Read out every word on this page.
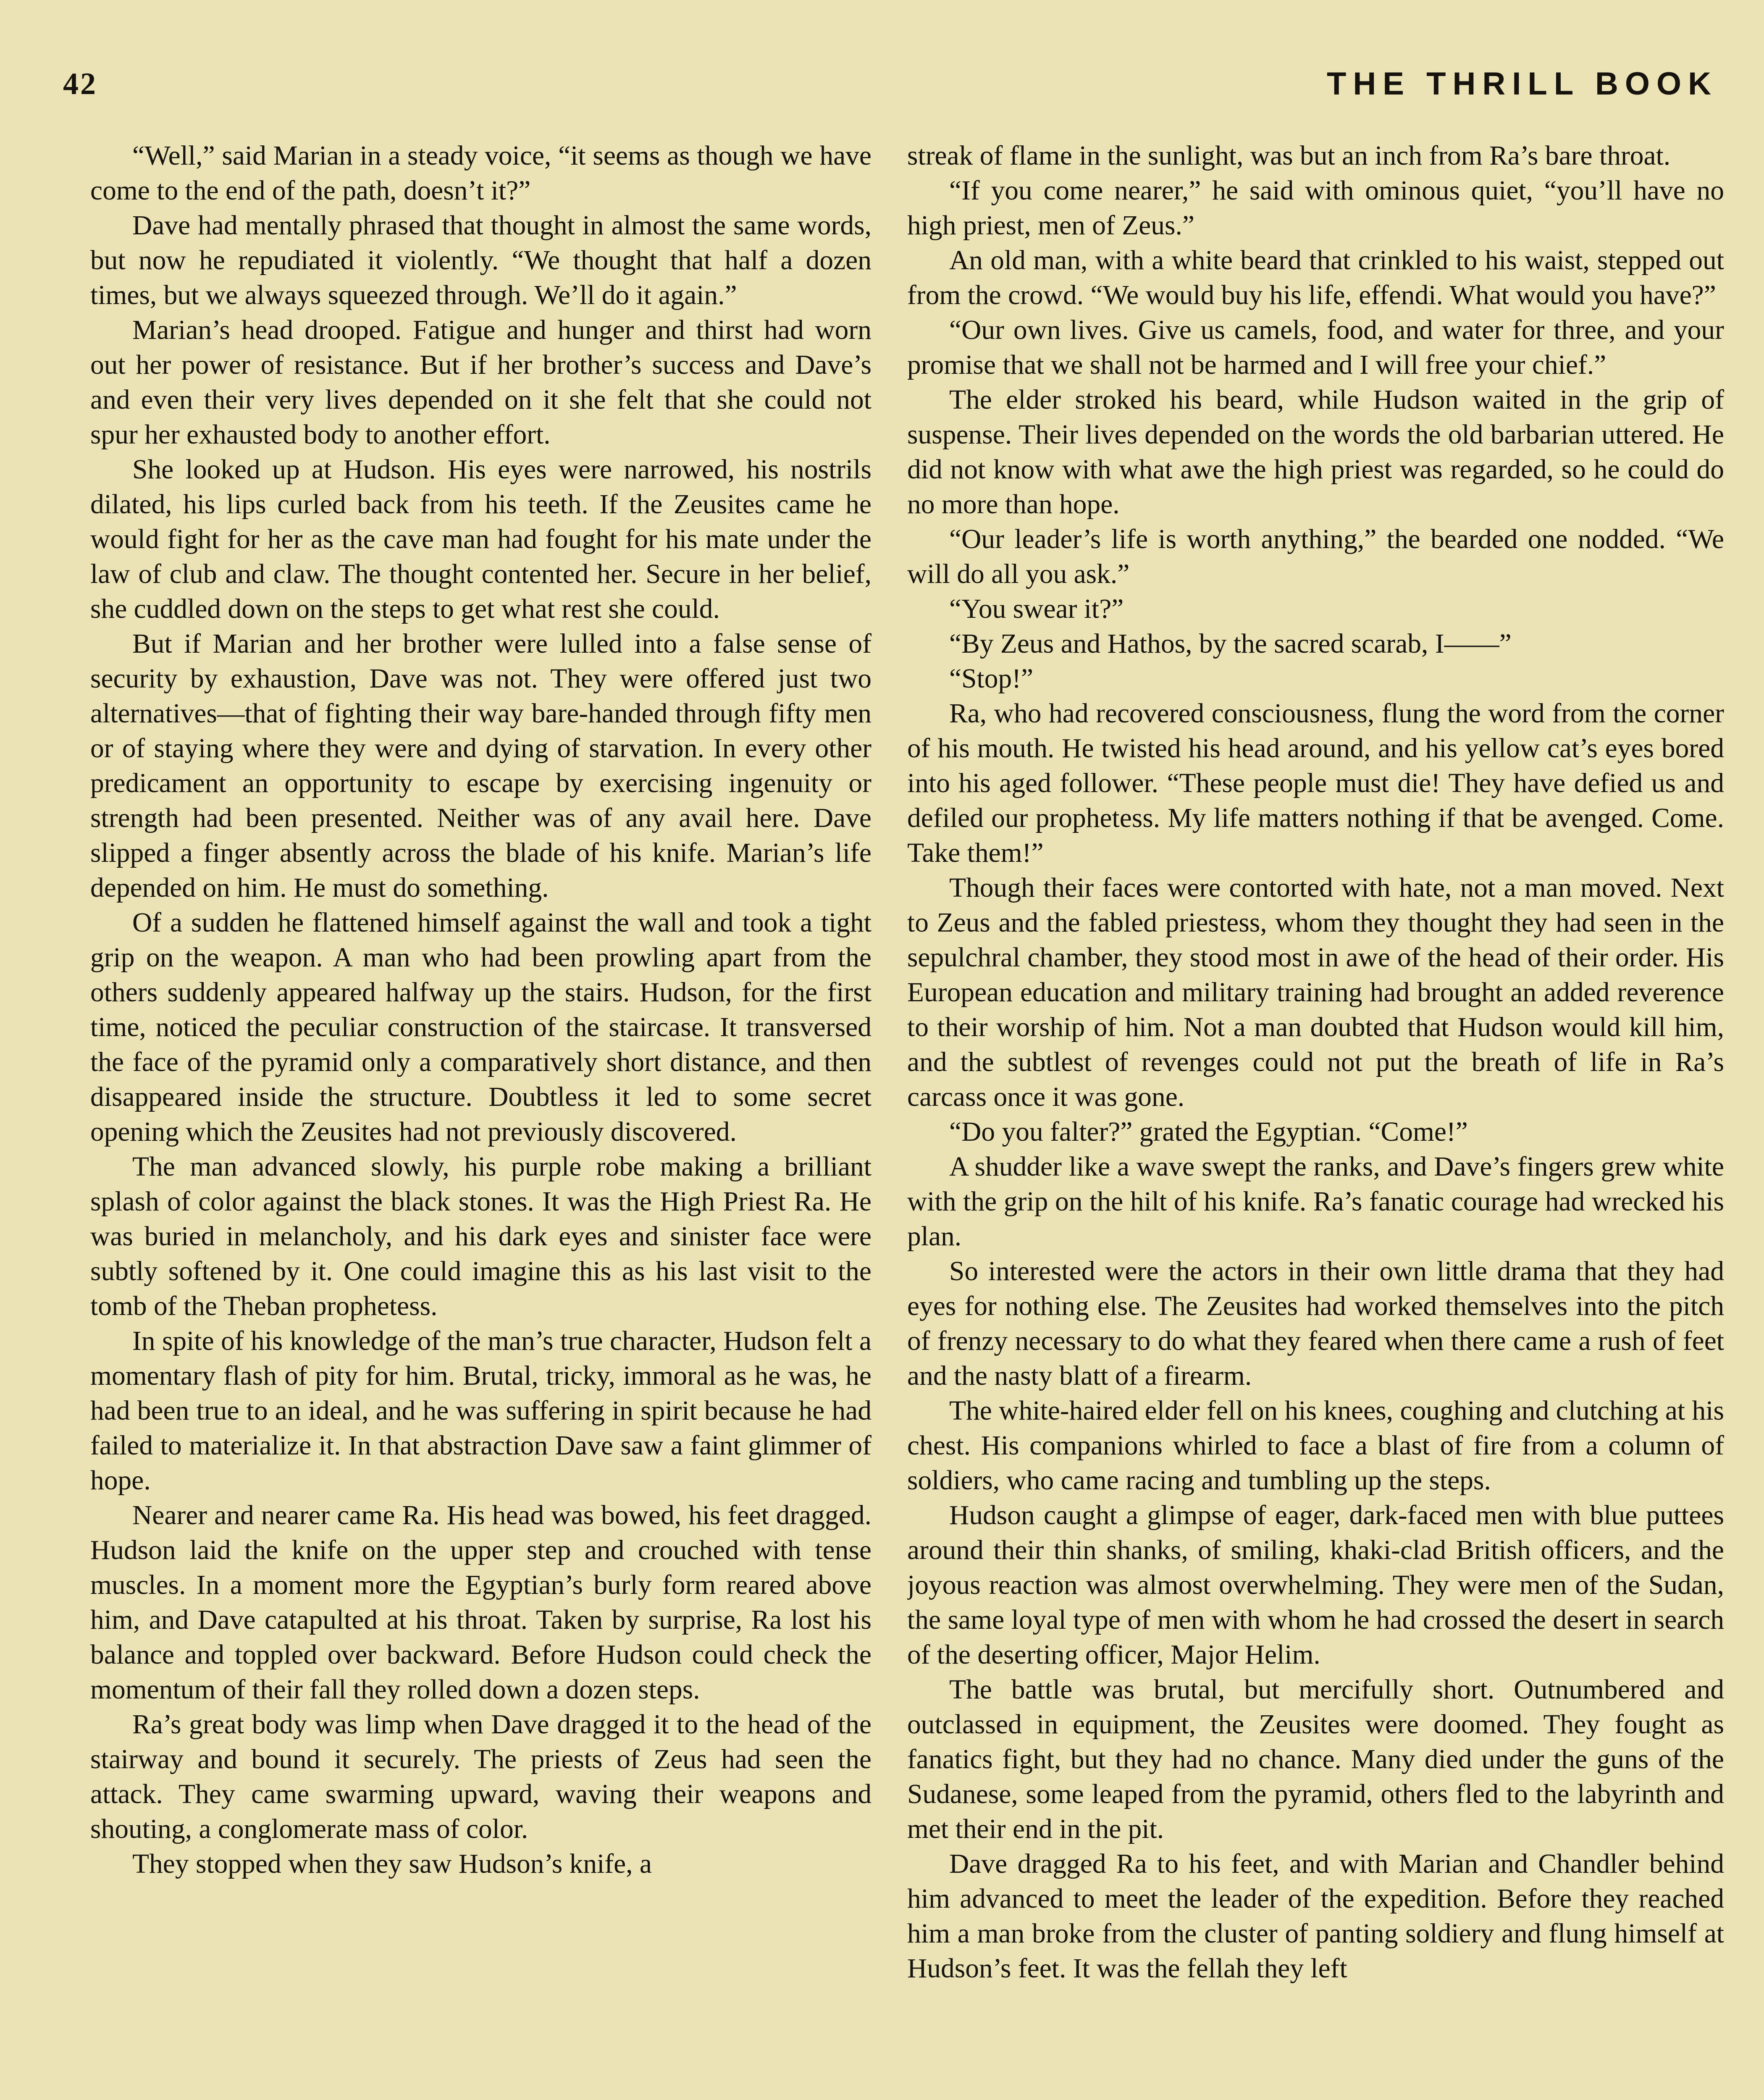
42	THE THRILL BOOK

“Well,” said Marian in a steady voice, “it seems as though we have come to the end of the path, doesn’t it?”

Dave had mentally phrased that thought in almost the same words, but now he repudiated it violently. “We thought that half a dozen times, but we always squeezed through. We’ll do it again.”

Marian’s head drooped. Fatigue and hunger and thirst had worn out her power of resistance. But if her brother’s success and Dave’s and even their very lives depended on it she felt that she could not spur her exhausted body to another effort.

She looked up at Hudson. His eyes were narrowed, his nostrils dilated, his lips curled back from his teeth. If the Zeusites came he would fight for her as the cave man had fought for his mate under the law of club and claw. The thought contented her. Secure in her belief, she cuddled down on the steps to get what rest she could.

But if Marian and her brother were lulled into a false sense of security by exhaustion, Dave was not. They were offered just two alternatives—that of fighting their way bare-handed through fifty men or of staying where they were and dying of starvation. In every other predicament an opportunity to escape by exercising ingenuity or strength had been presented. Neither was of any avail here. Dave slipped a finger absently across the blade of his knife. Marian’s life depended on him. He must do something.

Of a sudden he flattened himself against the wall and took a tight grip on the weapon. A man who had been prowling apart from the others suddenly appeared halfway up the stairs. Hudson, for the first time, noticed the peculiar construction of the staircase. It transversed the face of the pyramid only a comparatively short distance, and then disappeared inside the structure. Doubtless it led to some secret opening which the Zeusites had not previously discovered.

The man advanced slowly, his purple robe making a brilliant splash of color against the black stones. It was the High Priest Ra. He was buried in melancholy, and his dark eyes and sinister face were subtly softened by it. One could imagine this as his last visit to the tomb of the Theban prophetess.

In spite of his knowledge of the man’s true character, Hudson felt a momentary flash of pity for him. Brutal, tricky, immoral as he was, he had been true to an ideal, and he was suffering in spirit because he had failed to materialize it. In that abstraction Dave saw a faint glimmer of hope.

Nearer and nearer came Ra. His head was bowed, his feet dragged. Hudson laid the knife on the upper step and crouched with tense muscles. In a moment more the Egyptian’s burly form reared above him, and Dave catapulted at his throat. Taken by surprise, Ra lost his balance and toppled over backward. Before Hudson could check the momentum of their fall they rolled down a dozen steps.

Ra’s great body was limp when Dave dragged it to the head of the stairway and bound it securely. The priests of Zeus had seen the attack. They came swarming upward, waving their weapons and shouting, a conglomerate mass of color.

They stopped when they saw Hudson’s knife, a

streak of flame in the sunlight, was but an inch from Ra’s bare throat.

“If you come nearer,” he said with ominous quiet, “you’ll have no high priest, men of Zeus.”

An old man, with a white beard that crinkled to his waist, stepped out from the crowd. “We would buy his life, effendi. What would you have?”

“Our own lives. Give us camels, food, and water for three, and your promise that we shall not be harmed and I will free your chief.”

The elder stroked his beard, while Hudson waited in the grip of suspense. Their lives depended on the words the old barbarian uttered. He did not know with what awe the high priest was regarded, so he could do no more than hope.

“Our leader’s life is worth anything,” the bearded one nodded. “We will do all you ask.”

“You swear it?”

“By Zeus and Hathos, by the sacred scarab, I——”

“Stop!”

Ra, who had recovered consciousness, flung the word from the corner of his mouth. He twisted his head around, and his yellow cat’s eyes bored into his aged follower. “These people must die! They have defied us and defiled our prophetess. My life matters nothing if that be avenged. Come. Take them!”

Though their faces were contorted with hate, not a man moved. Next to Zeus and the fabled priestess, whom they thought they had seen in the sepulchral chamber, they stood most in awe of the head of their order. His European education and military training had brought an added reverence to their worship of him. Not a man doubted that Hudson would kill him, and the subtlest of revenges could not put the breath of life in Ra’s carcass once it was gone.

“Do you falter?” grated the Egyptian. “Come!”

A shudder like a wave swept the ranks, and Dave’s fingers grew white with the grip on the hilt of his knife. Ra’s fanatic courage had wrecked his plan.

So interested were the actors in their own little drama that they had eyes for nothing else. The Zeusites had worked themselves into the pitch of frenzy necessary to do what they feared when there came a rush of feet and the nasty blatt of a firearm.

The white-haired elder fell on his knees, coughing and clutching at his chest. His companions whirled to face a blast of fire from a column of soldiers, who came racing and tumbling up the steps.

Hudson caught a glimpse of eager, dark-faced men with blue puttees around their thin shanks, of smiling, khaki-clad British officers, and the joyous reaction was almost overwhelming. They were men of the Sudan, the same loyal type of men with whom he had crossed the desert in search of the deserting officer, Major Helim.

The battle was brutal, but mercifully short. Outnumbered and outclassed in equipment, the Zeusites were doomed. They fought as fanatics fight, but they had no chance. Many died under the guns of the Sudanese, some leaped from the pyramid, others fled to the labyrinth and met their end in the pit.

Dave dragged Ra to his feet, and with Marian and Chandler behind him advanced to meet the leader of the expedition. Before they reached him a man broke from the cluster of panting soldiery and flung himself at Hudson’s feet. It was the fellah they left
